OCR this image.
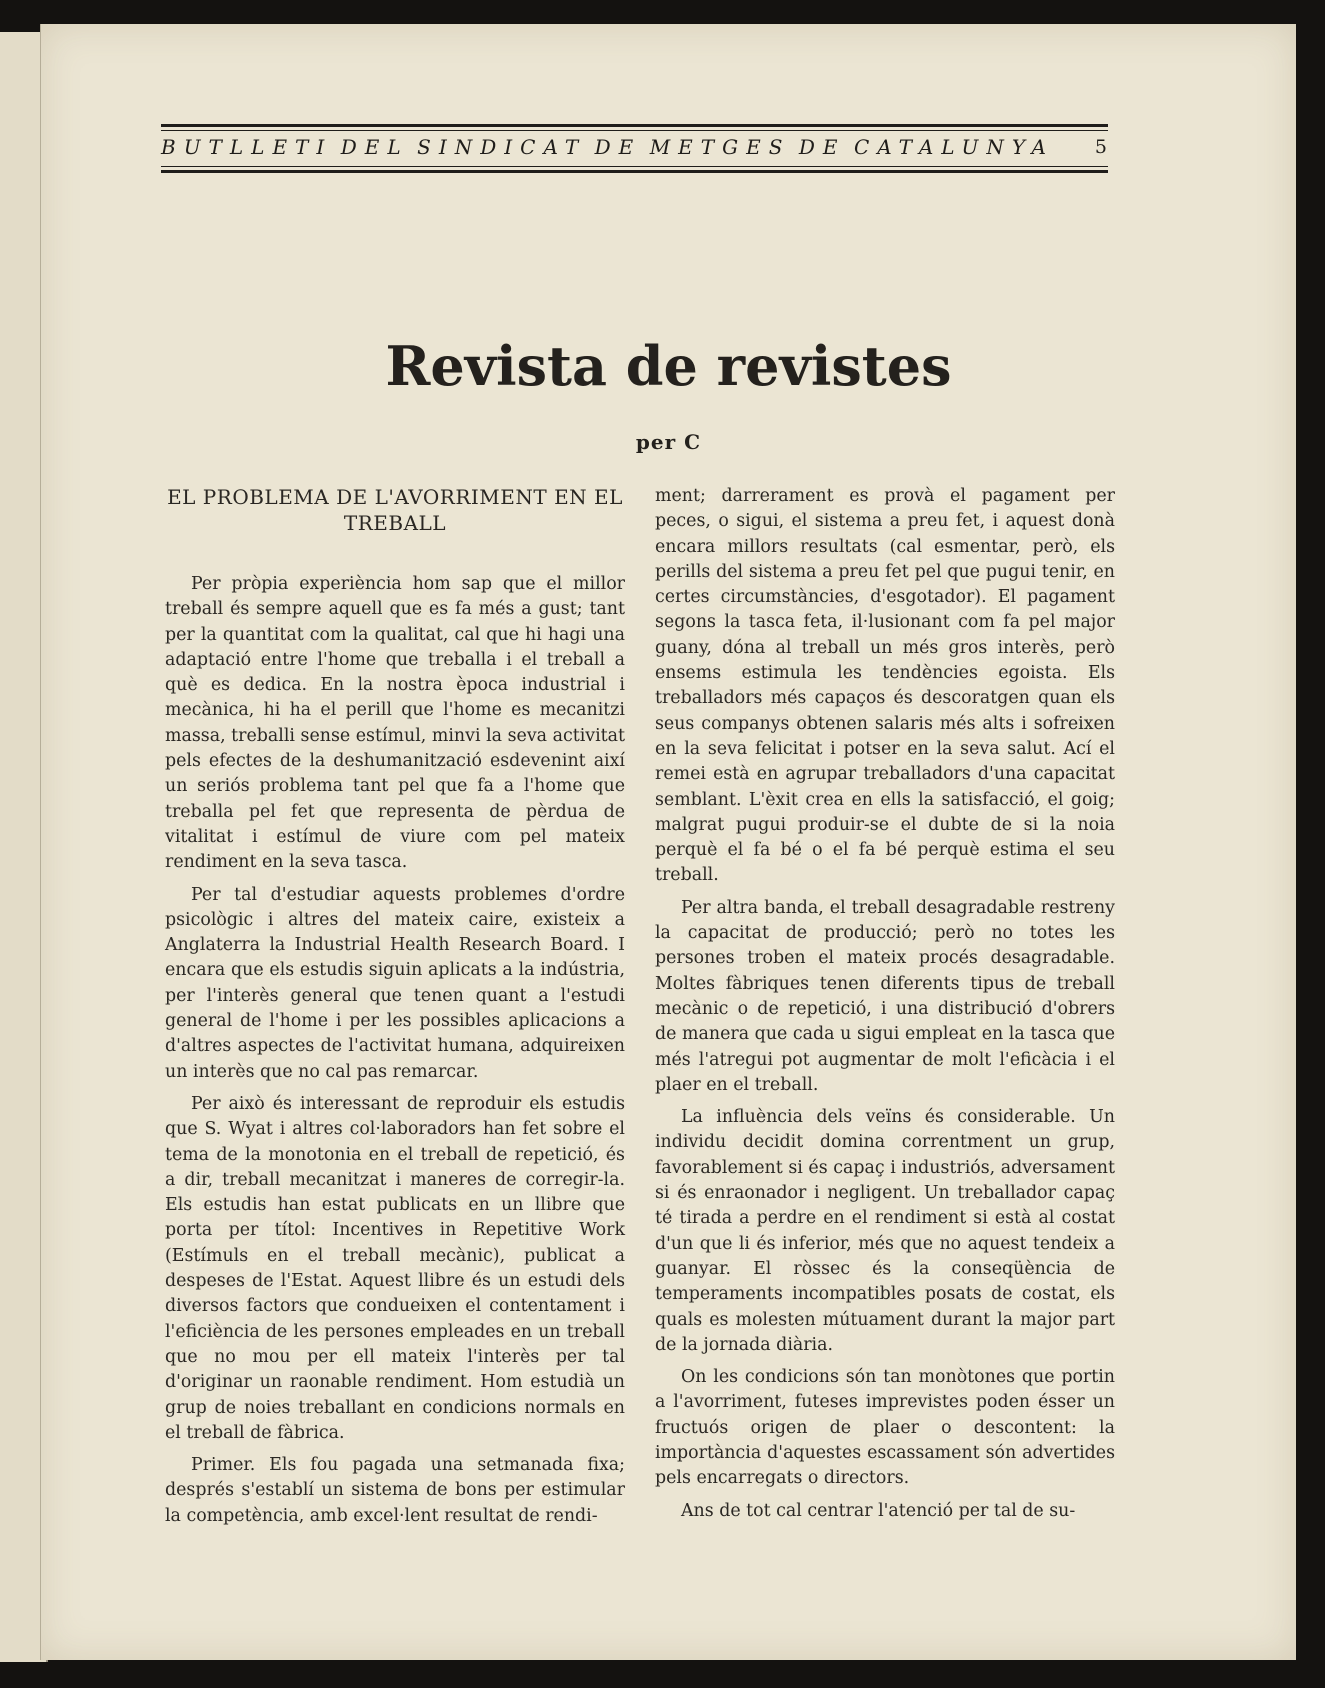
BUTLLETI DEL SINDICAT DE METGES DE CATALUNYA 5
Revista de revistes
per C
EL PROBLEMA DE L'AVORRIMENT EN EL TREBALL

Per pròpia experiència hom sap que el millor treball és sempre aquell que es fa més a gust; tant per la quantitat com la qualitat, cal que hi hagi una adaptació entre l'home que treballa i el treball a què es dedica. En la nostra època industrial i mecànica, hi ha el perill que l'home es mecanitzi massa, treballi sense estímul, minvi la seva activitat pels efectes de la deshumanització esdevenint així un seriós problema tant pel que fa a l'home que treballa pel fet que representa de pèrdua de vitalitat i estímul de viure com pel mateix rendiment en la seva tasca.

Per tal d'estudiar aquests problemes d'ordre psicològic i altres del mateix caire, existeix a Anglaterra la Industrial Health Research Board. I encara que els estudis siguin aplicats a la indústria, per l'interès general que tenen quant a l'estudi general de l'home i per les possibles aplicacions a d'altres aspectes de l'activitat humana, adquireixen un interès que no cal pas remarcar.

Per això és interessant de reproduir els estudis que S. Wyat i altres col·laboradors han fet sobre el tema de la monotonia en el treball de repetició, és a dir, treball mecanitzat i maneres de corregir-la. Els estudis han estat publicats en un llibre que porta per títol: Incentives in Repetitive Work (Estímuls en el treball mecànic), publicat a despeses de l'Estat. Aquest llibre és un estudi dels diversos factors que condueixen el contentament i l'eficiència de les persones empleades en un treball que no mou per ell mateix l'interès per tal d'originar un raonable rendiment. Hom estudià un grup de noies treballant en condicions normals en el treball de fàbrica.

Primer. Els fou pagada una setmanada fixa; després s'establí un sistema de bons per estimular la competència, amb excel·lent resultat de rendi-

ment; darrerament es provà el pagament per peces, o sigui, el sistema a preu fet, i aquest donà encara millors resultats (cal esmentar, però, els perills del sistema a preu fet pel que pugui tenir, en certes circumstàncies, d'esgotador). El pagament segons la tasca feta, il·lusionant com fa pel major guany, dóna al treball un més gros interès, però ensems estimula les tendències egoista. Els treballadors més capaços és descoratgen quan els seus companys obtenen salaris més alts i sofreixen en la seva felicitat i potser en la seva salut. Ací el remei està en agrupar treballadors d'una capacitat semblant. L'èxit crea en ells la satisfacció, el goig; malgrat pugui produir-se el dubte de si la noia perquè el fa bé o el fa bé perquè estima el seu treball.

Per altra banda, el treball desagradable restreny la capacitat de producció; però no totes les persones troben el mateix procés desagradable. Moltes fàbriques tenen diferents tipus de treball mecànic o de repetició, i una distribució d'obrers de manera que cada u sigui empleat en la tasca que més l'atregui pot augmentar de molt l'eficàcia i el plaer en el treball.

La influència dels veïns és considerable. Un individu decidit domina correntment un grup, favorablement si és capaç i industriós, adversament si és enraonador i negligent. Un treballador capaç té tirada a perdre en el rendiment si està al costat d'un que li és inferior, més que no aquest tendeix a guanyar. El ròssec és la conseqüència de temperaments incompatibles posats de costat, els quals es molesten mútuament durant la major part de la jornada diària.

On les condicions són tan monòtones que portin a l'avorriment, futeses imprevistes poden ésser un fructuós origen de plaer o descontent: la importància d'aquestes escassament són advertides pels encarregats o directors.

Ans de tot cal centrar l'atenció per tal de su-
